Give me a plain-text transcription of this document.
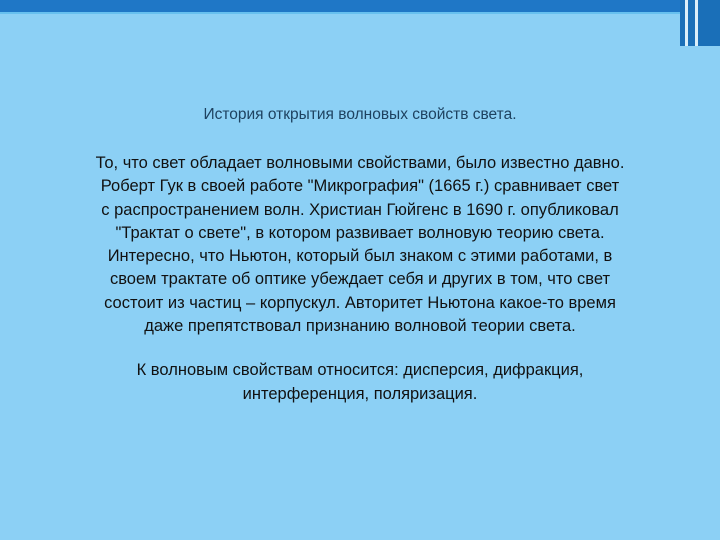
История открытия волновых свойств света.

То, что свет обладает волновыми свойствами, было известно давно.
Роберт Гук в своей работе "Микрография" (1665 г.) сравнивает свет
с распространением волн. Христиан Гюйгенс в 1690 г. опубликовал
"Трактат о свете", в котором развивает волновую теорию света.
Интересно, что Ньютон, который был знаком с этими работами, в
своем трактате об оптике убеждает себя и других в том, что свет
состоит из частиц – корпускул. Авторитет Ньютона какое-то время
даже препятствовал признанию волновой теории света.

К волновым свойствам относится: дисперсия, дифракция,
интерференция, поляризация.
